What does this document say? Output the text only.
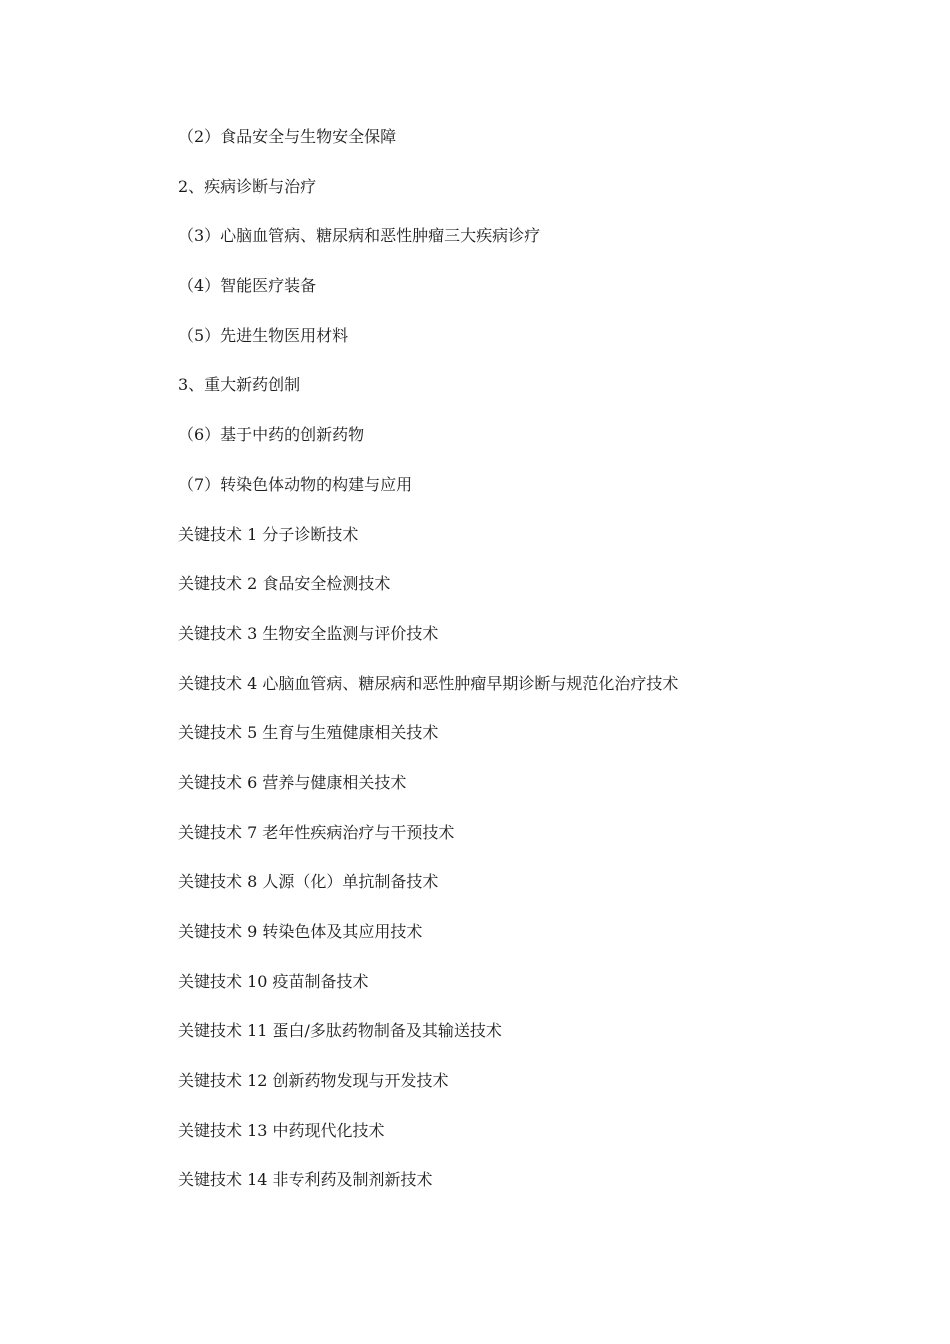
（2）食品安全与生物安全保障
2、疾病诊断与治疗
（3）心脑血管病、糖尿病和恶性肿瘤三大疾病诊疗
（4）智能医疗装备
（5）先进生物医用材料
3、重大新药创制
（6）基于中药的创新药物
（7）转染色体动物的构建与应用
关键技术 1 分子诊断技术
关键技术 2 食品安全检测技术
关键技术 3 生物安全监测与评价技术
关键技术 4 心脑血管病、糖尿病和恶性肿瘤早期诊断与规范化治疗技术
关键技术 5 生育与生殖健康相关技术
关键技术 6 营养与健康相关技术
关键技术 7 老年性疾病治疗与干预技术
关键技术 8 人源（化）单抗制备技术
关键技术 9 转染色体及其应用技术
关键技术 10 疫苗制备技术
关键技术 11 蛋白/多肽药物制备及其输送技术
关键技术 12 创新药物发现与开发技术
关键技术 13 中药现代化技术
关键技术 14 非专利药及制剂新技术
